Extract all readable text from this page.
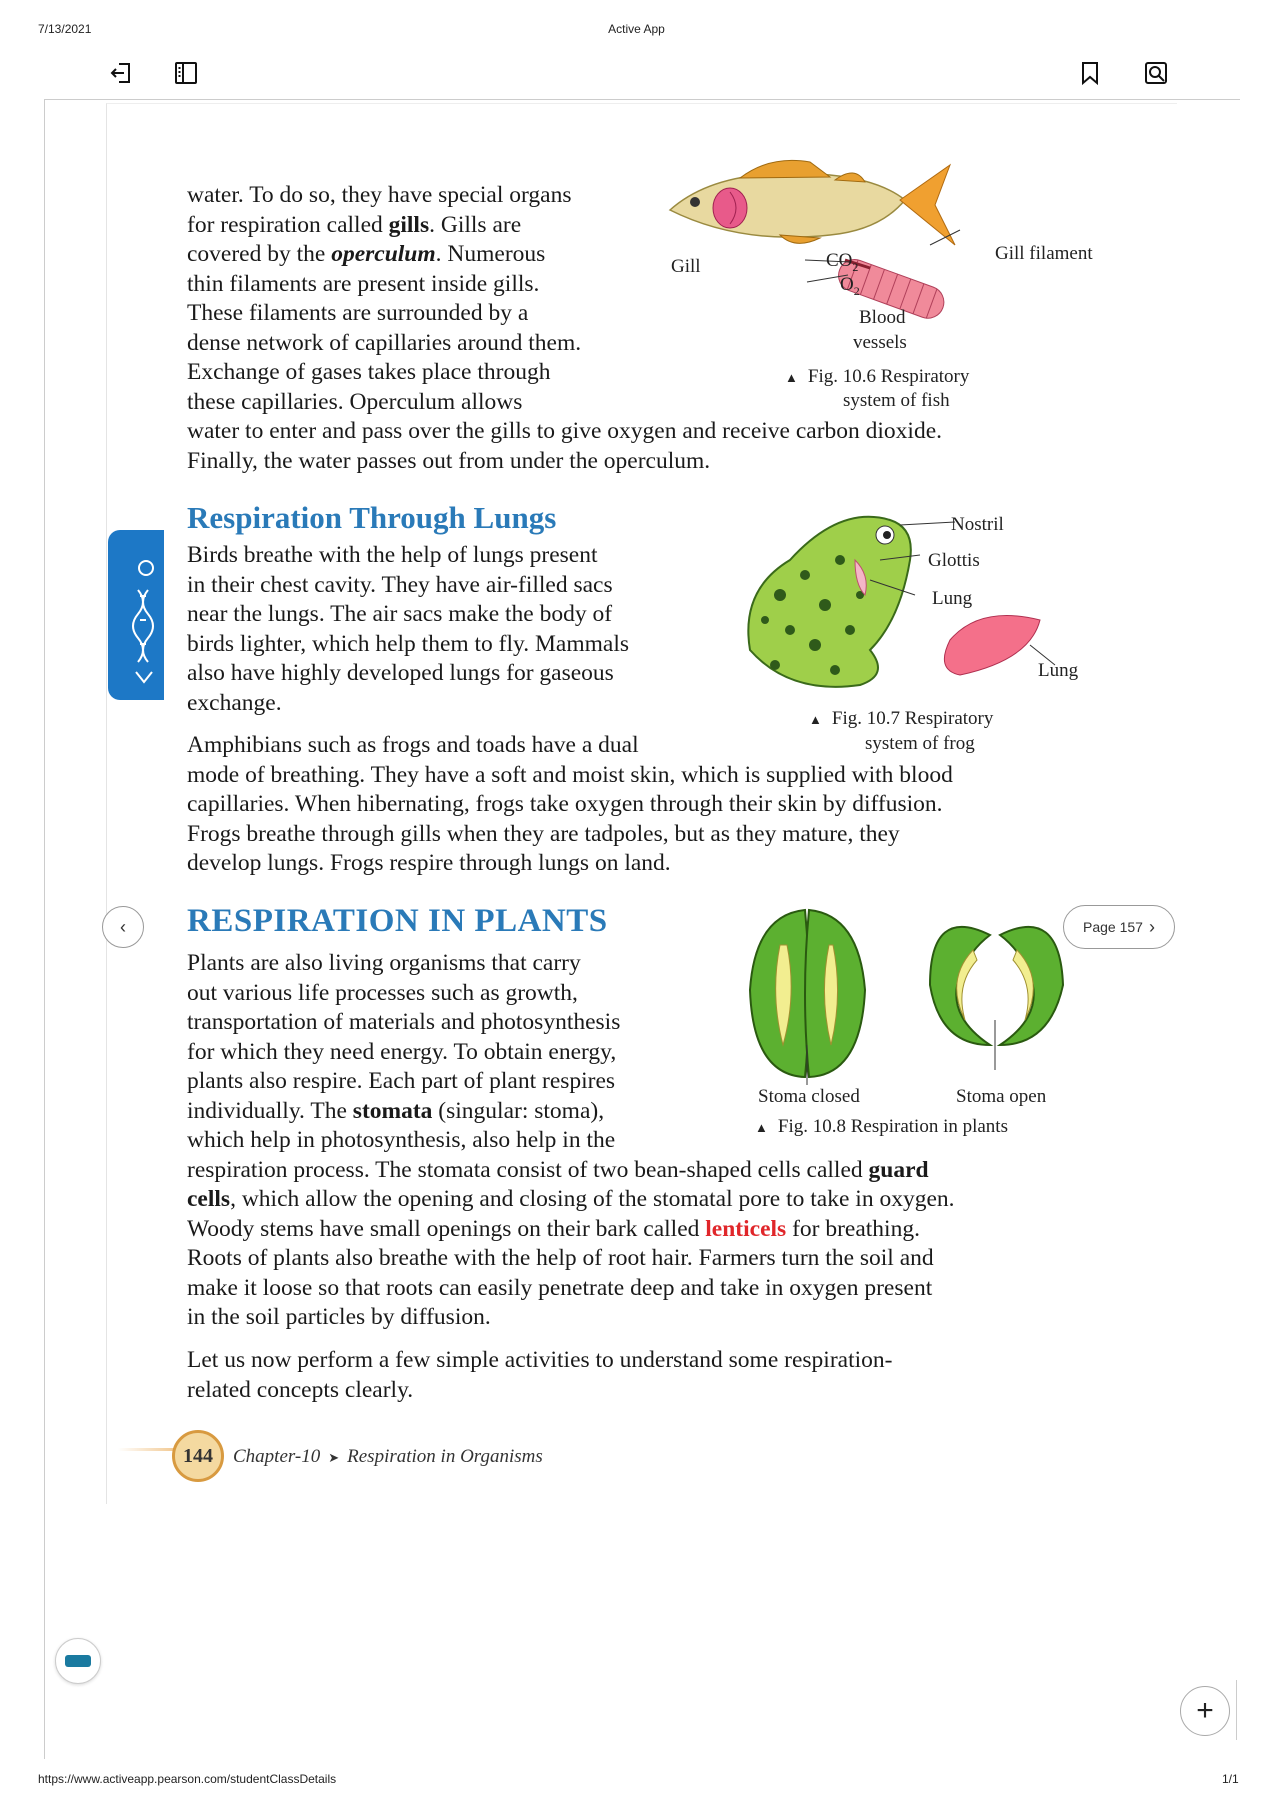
7/13/2021	Active App
water. To do so, they have special organs
for respiration called gills. Gills are
covered by the operculum. Numerous
thin filaments are present inside gills.
These filaments are surrounded by a
dense network of capillaries around them.
Exchange of gases takes place through
these capillaries. Operculum allows
water to enter and pass over the gills to give oxygen and receive carbon dioxide.
Finally, the water passes out from under the operculum.
Gill	$CO_2$
$O_2$
Gill filament
Blood
vessels
▲ Fig. 10.6 Respiratory
system of fish
Respiration Through Lungs
Birds breathe with the help of lungs present
in their chest cavity. They have air-filled sacs
near the lungs. The air sacs make the body of
birds lighter, which help them to fly. Mammals
also have highly developed lungs for gaseous
exchange.
Nostril
Glottis
Lung
Lung
▲ Fig. 10.7 Respiratory
system of frog
Amphibians such as frogs and toads have a dual
mode of breathing. They have a soft and moist skin, which is supplied with blood
capillaries. When hibernating, frogs take oxygen through their skin by diffusion.
Frogs breathe through gills when they are tadpoles, but as they mature, they
develop lungs. Frogs respire through lungs on land.
RESPIRATION IN PLANTS
Stoma closed	Stoma open
▲ Fig. 10.8 Respiration in plants
Plants are also living organisms that carry
out various life processes such as growth,
transportation of materials and photosynthesis
for which they need energy. To obtain energy,
plants also respire. Each part of plant respires
individually. The stomata (singular: stoma),
which help in photosynthesis, also help in the
respiration process. The stomata consist of two bean-shaped cells called guard
cells, which allow the opening and closing of the stomatal pore to take in oxygen.
Woody stems have small openings on their bark called lenticels for breathing.
Roots of plants also breathe with the help of root hair. Farmers turn the soil and
make it loose so that roots can easily penetrate deep and take in oxygen present
in the soil particles by diffusion.
Let us now perform a few simple activities to understand some respiration-
related concepts clearly.
144	Chapter-10 ➤ Respiration in Organisms
‹	Page 157 ›
+
https://www.activeapp.pearson.com/studentClassDetails	1/1
